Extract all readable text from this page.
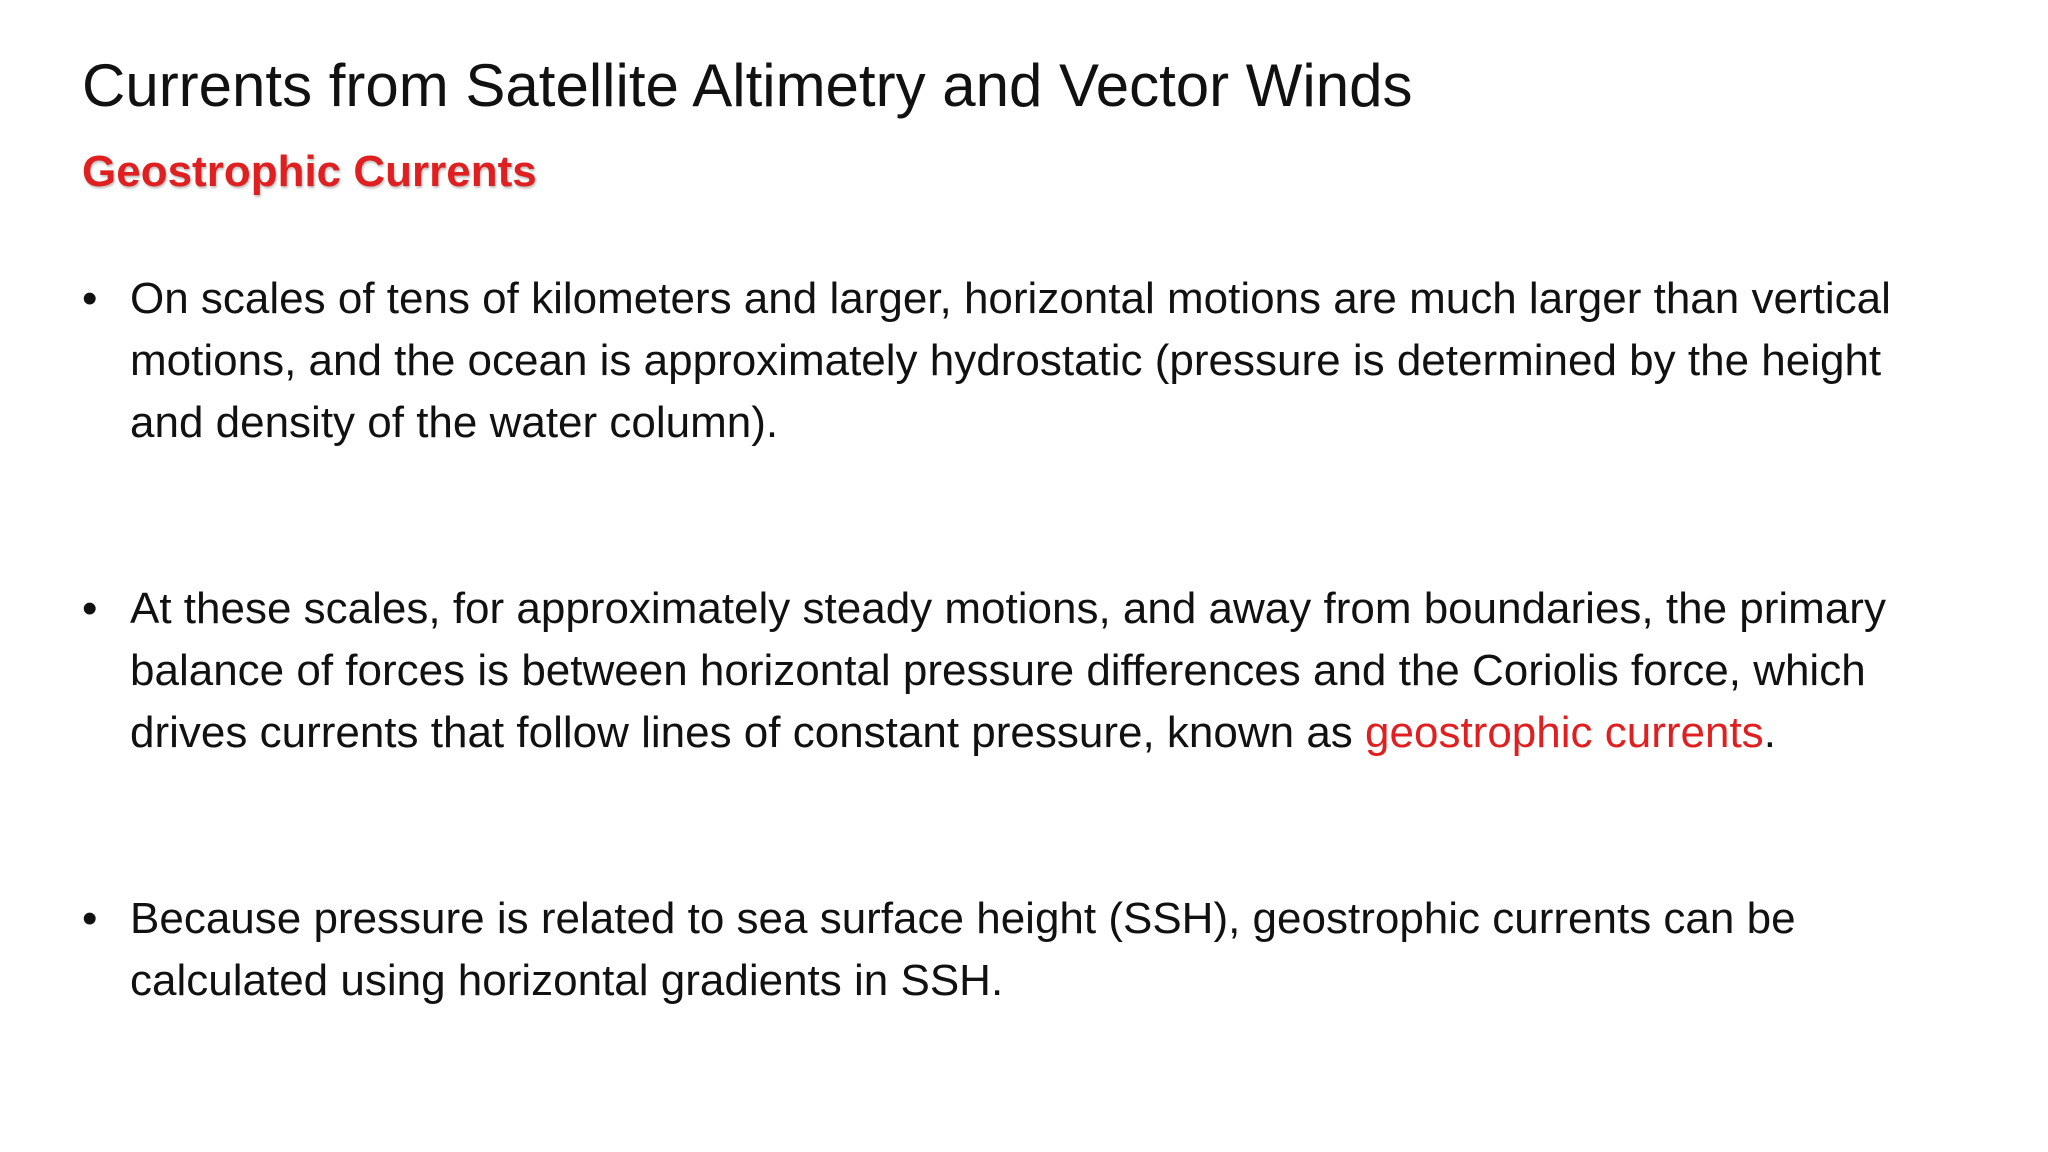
Currents from Satellite Altimetry and Vector Winds
Geostrophic Currents
• On scales of tens of kilometers and larger, horizontal motions are much larger than vertical motions, and the ocean is approximately hydrostatic (pressure is determined by the height and density of the water column).
• At these scales, for approximately steady motions, and away from boundaries, the primary balance of forces is between horizontal pressure differences and the Coriolis force, which drives currents that follow lines of constant pressure, known as geostrophic currents.
• Because pressure is related to sea surface height (SSH), geostrophic currents can be calculated using horizontal gradients in SSH.
